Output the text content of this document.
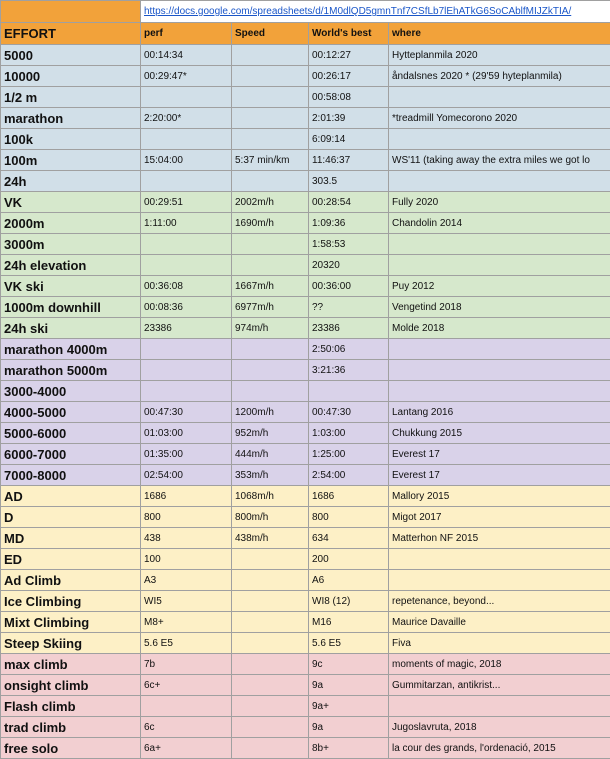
	https://docs.google.com/spreadsheets/d/1M0dlQD5gmnTnf7CSfLb7lEhATkG6SoCAblfMIJZkTIA/			
EFFORT	perf	Speed	World's best	where
5000	00:14:34		00:12:27	Hytteplanmila 2020
10000	00:29:47*		00:26:17	åndalsnes 2020 * (29'59 hyteplanmila)
1/2 m			00:58:08	
marathon	2:20:00*		2:01:39	*treadmill Yomecorono 2020
100k			6:09:14	
100m	15:04:00	5:37 min/km	11:46:37	WS'11 (taking away the extra miles we got lo
24h			303.5	
VK	00:29:51	2002m/h	00:28:54	Fully 2020
2000m	1:11:00	1690m/h	1:09:36	Chandolin 2014
3000m			1:58:53	
24h elevation			20320	
VK ski	00:36:08	1667m/h	00:36:00	Puy 2012
1000m downhill	00:08:36	6977m/h	??	Vengetind 2018
24h ski	23386	974m/h	23386	Molde 2018
marathon 4000m			2:50:06	
marathon 5000m			3:21:36	
3000-4000				
4000-5000	00:47:30	1200m/h	00:47:30	Lantang 2016
5000-6000	01:03:00	952m/h	1:03:00	Chukkung 2015
6000-7000	01:35:00	444m/h	1:25:00	Everest 17
7000-8000	02:54:00	353m/h	2:54:00	Everest 17
AD	1686	1068m/h	1686	Mallory 2015
D	800	800m/h	800	Migot 2017
MD	438	438m/h	634	Matterhon NF 2015
ED	100		200	
Ad Climb	A3		A6	
Ice Climbing	WI5		WI8 (12)	repetenance, beyond...
Mixt Climbing	M8+		M16	Maurice Davaille
Steep Skiing	5.6 E5		5.6 E5	Fiva
max climb	7b		9c	moments of magic, 2018
onsight climb	6c+		9a	Gummitarzan, antikrist...
Flash climb			9a+	
trad climb	6c		9a	Jugoslavruta, 2018
free solo	6a+		8b+	la cour des grands, l'ordenació, 2015
